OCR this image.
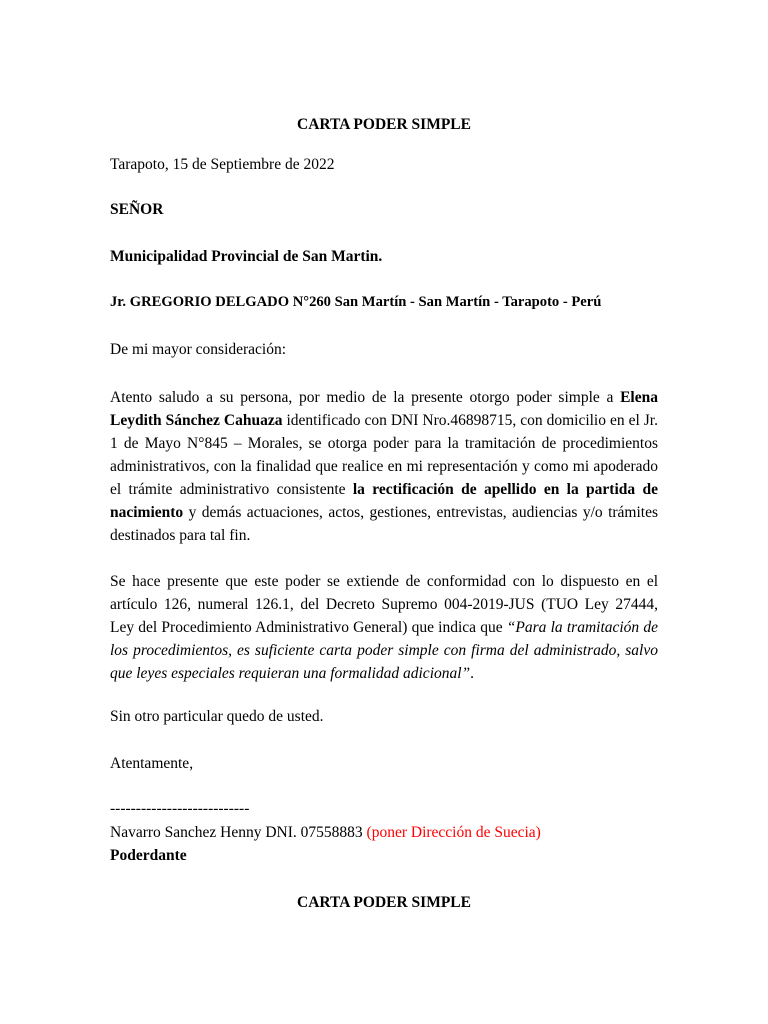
CARTA PODER SIMPLE
Tarapoto, 15 de Septiembre de 2022
SEÑOR
Municipalidad Provincial de San Martin.
Jr. GREGORIO DELGADO N°260 San Martín - San Martín - Tarapoto - Perú
De mi mayor consideración:
Atento saludo a su persona, por medio de la presente otorgo poder simple a Elena Leydith Sánchez Cahuaza identificado con DNI Nro.46898715, con domicilio en el Jr. 1 de Mayo N°845 – Morales, se otorga poder para la tramitación de procedimientos administrativos, con la finalidad que realice en mi representación y como mi apoderado el trámite administrativo consistente la rectificación de apellido en la partida de nacimiento y demás actuaciones, actos, gestiones, entrevistas, audiencias y/o trámites destinados para tal fin.
Se hace presente que este poder se extiende de conformidad con lo dispuesto en el artículo 126, numeral 126.1, del Decreto Supremo 004-2019-JUS (TUO Ley 27444, Ley del Procedimiento Administrativo General) que indica que “Para la tramitación de los procedimientos, es suficiente carta poder simple con firma del administrado, salvo que leyes especiales requieran una formalidad adicional”.
Sin otro particular quedo de usted.
Atentamente,
---------------------------
Navarro Sanchez Henny DNI. 07558883 (poner Dirección de Suecia)
Poderdante
CARTA PODER SIMPLE
